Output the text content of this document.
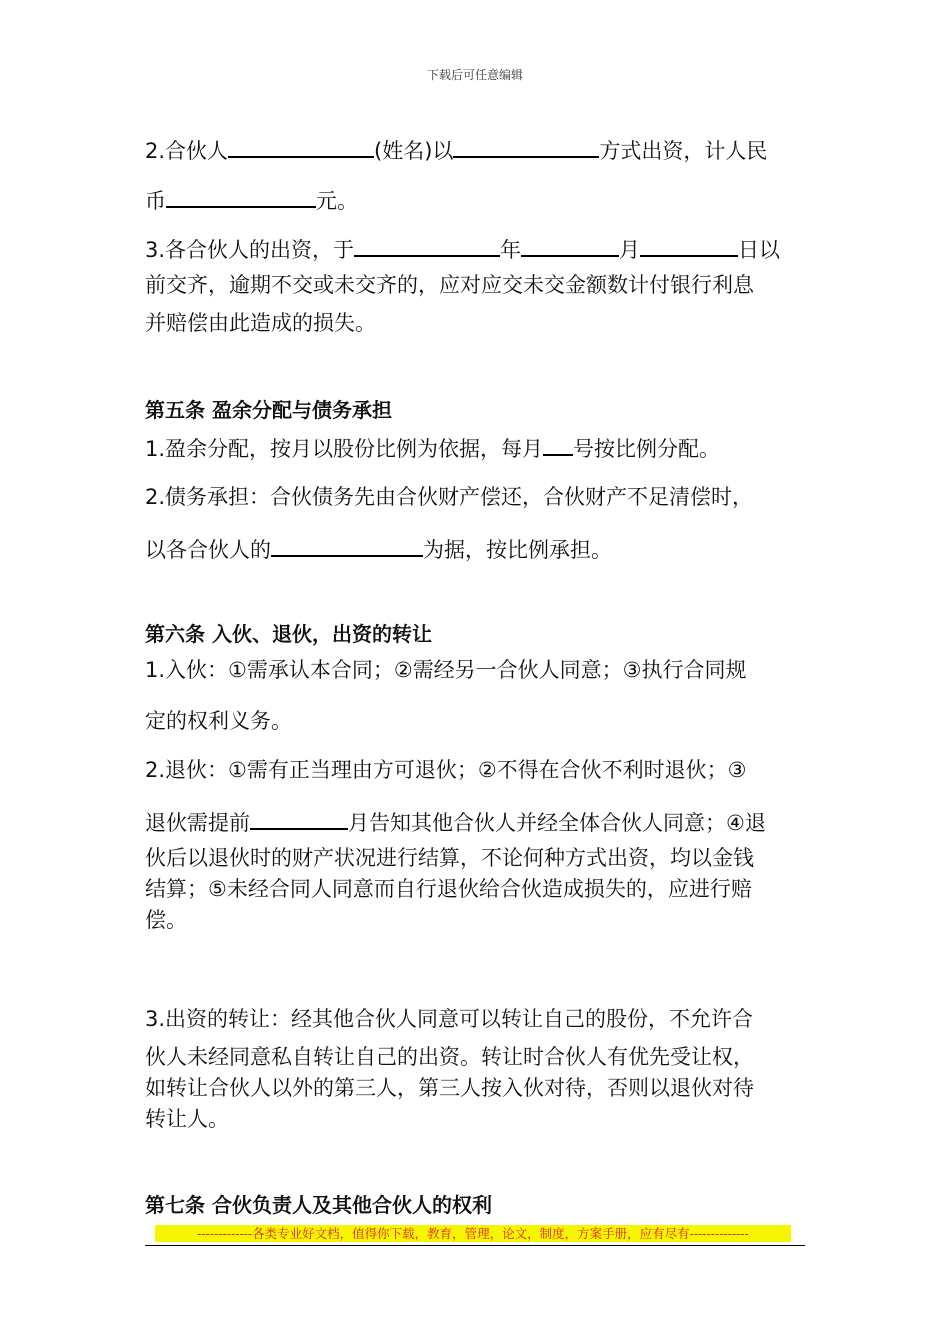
下载后可任意编辑
2.合伙人	(姓名)以	方式出资，计人民
币	元。
3.各合伙人的出资，于	年	月	日以
前交齐，逾期不交或未交齐的，应对应交未交金额数计付银行利息
并赔偿由此造成的损失。
第五条 盈余分配与债务承担
1.盈余分配，按月以股份比例为依据，每月 号按比例分配。
2.债务承担：合伙债务先由合伙财产偿还，合伙财产不足清偿时，
以各合伙人的	为据，按比例承担。
第六条 入伙、退伙，出资的转让
1.入伙：①需承认本合同；②需经另一合伙人同意；③执行合同规
定的权利义务。
2.退伙：①需有正当理由方可退伙；②不得在合伙不利时退伙；③
退伙需提前	月告知其他合伙人并经全体合伙人同意；④退
伙后以退伙时的财产状况进行结算，不论何种方式出资，均以金钱
结算；⑤未经合同人同意而自行退伙给合伙造成损失的，应进行赔
偿。
3.出资的转让：经其他合伙人同意可以转让自己的股份，不允许合
伙人未经同意私自转让自己的出资。转让时合伙人有优先受让权，
如转让合伙人以外的第三人，第三人按入伙对待，否则以退伙对待
转让人。
第七条 合伙负责人及其他合伙人的权利
-------------各类专业好文档，值得你下载，教育，管理，论文，制度，方案手册，应有尽有--------------
